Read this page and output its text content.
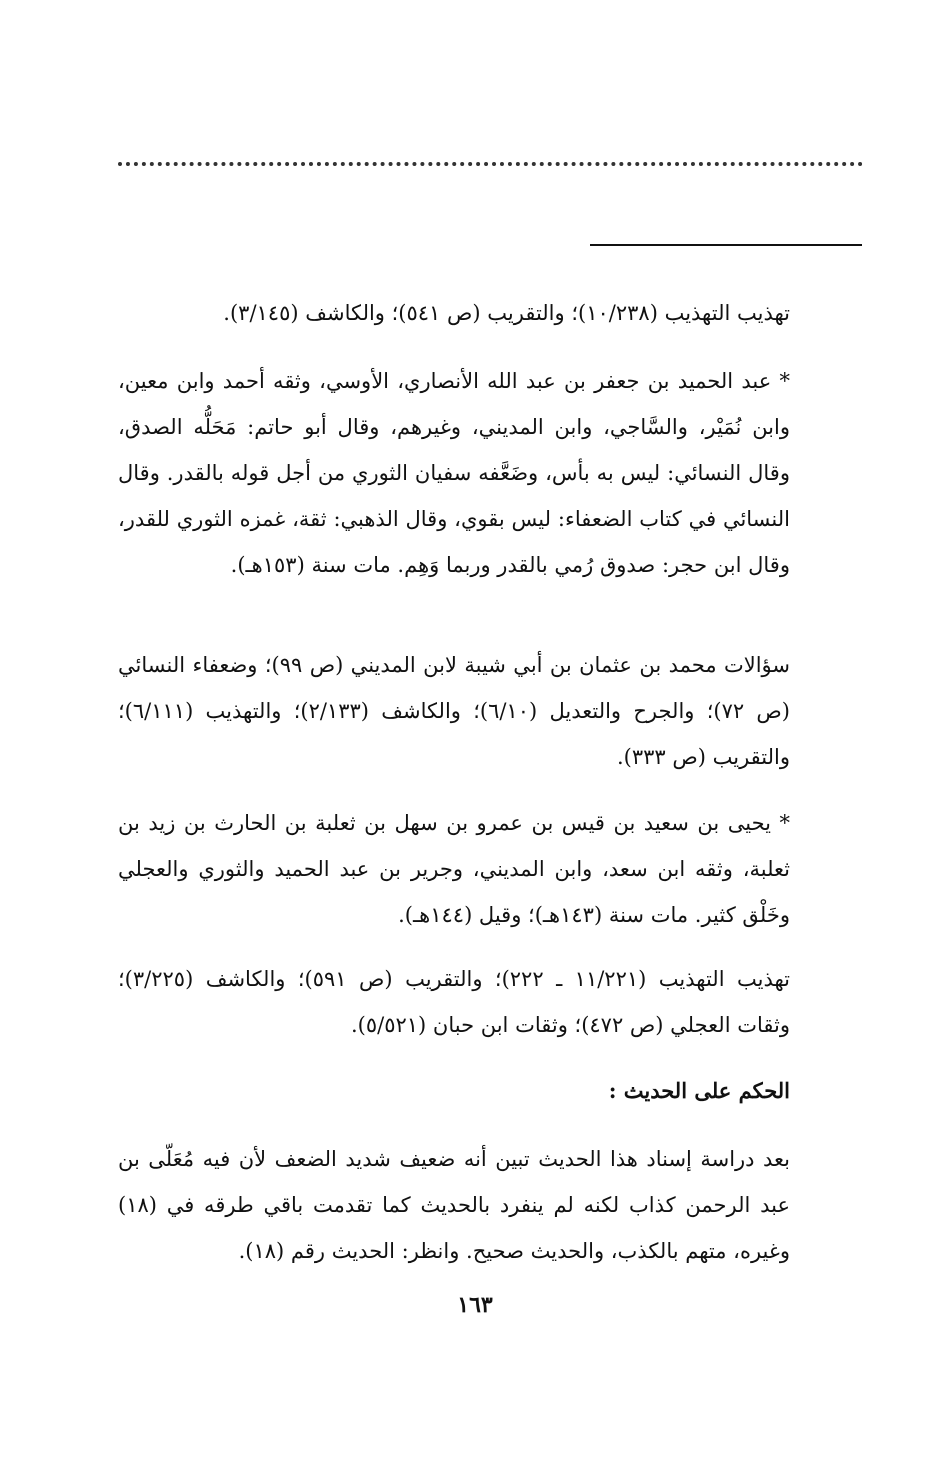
تهذيب التهذيب (١٠/٢٣٨)؛ والتقريب (ص ٥٤١)؛ والكاشف (٣/١٤٥).

* عبد الحميد بن جعفر بن عبد الله الأنصاري، الأوسي، وثقه أحمد وابن معين، وابن نُمَيْر، والسَّاجي، وابن المديني، وغيرهم، وقال أبو حاتم: مَحَلُّه الصدق، وقال النسائي: ليس به بأس، وضَعَّفه سفيان الثوري من أجل قوله بالقدر. وقال النسائي في كتاب الضعفاء: ليس بقوي، وقال الذهبي: ثقة، غمزه الثوري للقدر، وقال ابن حجر: صدوق رُمي بالقدر وربما وَهِم. مات سنة (١٥٣هـ).

سؤالات محمد بن عثمان بن أبي شيبة لابن المديني (ص ٩٩)؛ وضعفاء النسائي (ص ٧٢)؛ والجرح والتعديل (٦/١٠)؛ والكاشف (٢/١٣٣)؛ والتهذيب (٦/١١١)؛ والتقريب (ص ٣٣٣).

* يحيى بن سعيد بن قيس بن عمرو بن سهل بن ثعلبة بن الحارث بن زيد بن ثعلبة، وثقه ابن سعد، وابن المديني، وجرير بن عبد الحميد والثوري والعجلي وخَلْق كثير. مات سنة (١٤٣هـ)؛ وقيل (١٤٤هـ).

تهذيب التهذيب (١١/٢٢١ ـ ٢٢٢)؛ والتقريب (ص ٥٩١)؛ والكاشف (٣/٢٢٥)؛ وثقات العجلي (ص ٤٧٢)؛ وثقات ابن حبان (٥/٥٢١).

الحكم على الحديث :

بعد دراسة إسناد هذا الحديث تبين أنه ضعيف شديد الضعف لأن فيه مُعَلّى بن عبد الرحمن كذاب لكنه لم ينفرد بالحديث كما تقدمت باقي طرقه في (١٨) وغيره، متهم بالكذب، والحديث صحيح. وانظر: الحديث رقم (١٨).

١٦٣
